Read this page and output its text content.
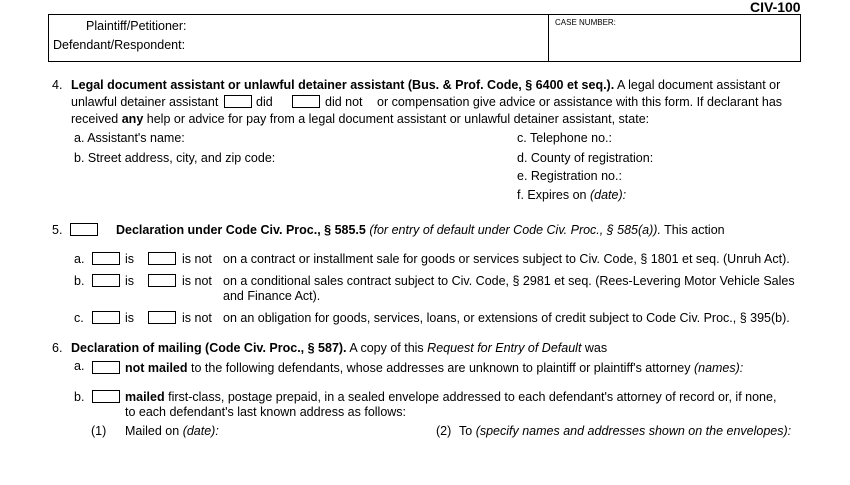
CIV-100
Plaintiff/Petitioner:
Defendant/Respondent:
CASE NUMBER:
4. Legal document assistant or unlawful detainer assistant (Bus. & Prof. Code, § 6400 et seq.). A legal document assistant or
unlawful detainer assistant	did	did not or compensation give advice or assistance with this form. If declarant has
received any help or advice for pay from a legal document assistant or unlawful detainer assistant, state:
a. Assistant's name:
b. Street address, city, and zip code:
c. Telephone no.:
d. County of registration:
e. Registration no.:
f. Expires on (date):
5.	Declaration under Code Civ. Proc., § 585.5 (for entry of default under Code Civ. Proc., § 585(a)). This action
a.	is	is not on a contract or installment sale for goods or services subject to Civ. Code, § 1801 et seq. (Unruh Act).
b.	is	is not on a conditional sales contract subject to Civ. Code, § 2981 et seq. (Rees-Levering Motor Vehicle Sales
and Finance Act).
c.	is	is not on an obligation for goods, services, loans, or extensions of credit subject to Code Civ. Proc., § 395(b).
6. Declaration of mailing (Code Civ. Proc., § 587). A copy of this Request for Entry of Default was
a.	not mailed to the following defendants, whose addresses are unknown to plaintiff or plaintiff's attorney (names):
b.	mailed first-class, postage prepaid, in a sealed envelope addressed to each defendant's attorney of record or, if none,
to each defendant's last known address as follows:
(1) Mailed on (date):	(2) To (specify names and addresses shown on the envelopes):
